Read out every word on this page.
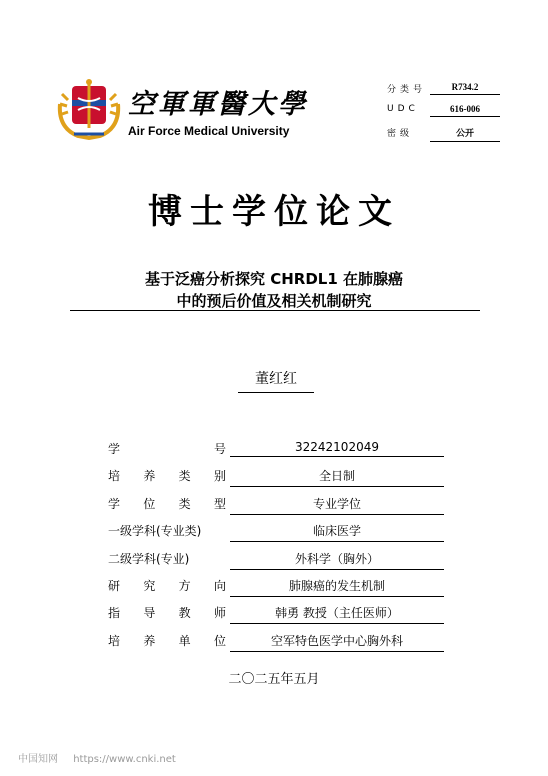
空軍軍醫大學
Air Force Medical University
分类号	R734.2
UDC	616-006
密级	公开
博士学位论文
基于泛癌分析探究 CHRDL1 在肺腺癌
中的预后价值及相关机制研究
董红红
学	号	32242102049
培 养 类 别	全日制
学 位 类 型	专业学位
一级学科(专业类)	临床医学
二级学科(专业)	外科学（胸外）
研 究 方 向	肺腺癌的发生机制
指 导 教 师	韩勇 教授（主任医师）
培 养 单 位	空军特色医学中心胸外科
二〇二五年五月
中国知网 https://www.cnki.net
